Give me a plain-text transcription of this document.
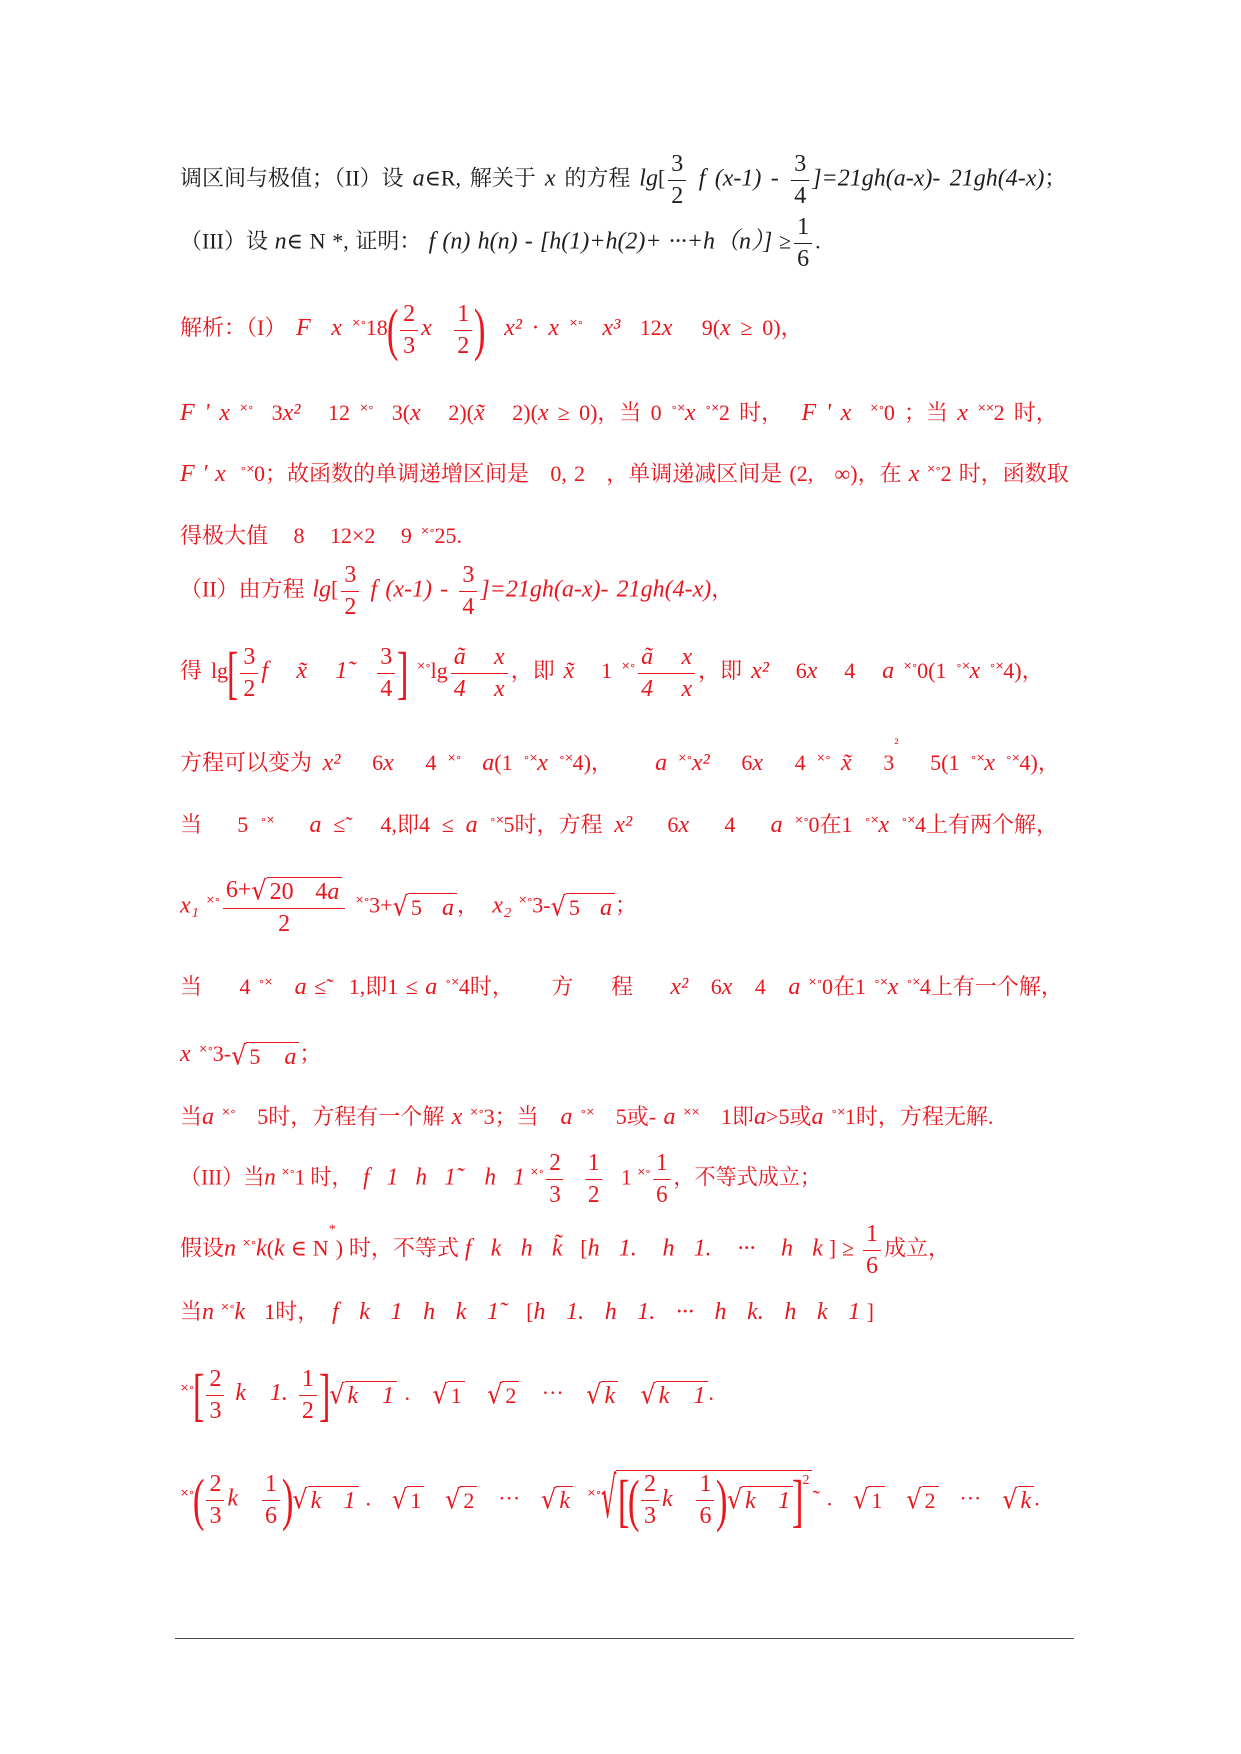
调区间与极值；（II）设 a∈R, 解关于 x 的方程 $\lg[ \frac{3}{2}$ f $(x-1) - \frac{3}{4} ]=21gh(a-x)-$ 21gh(4-x)；
（III）设 n∈ N *, 证明： f (n) $h(n) - [h(1)+h(2)+ \cdot\cdot\cdot+h(n)] \ge \frac{1}{6}$ .
解析：（I） F  x ×∘18( $\frac{2}{3}$ x $\frac{1}{2}$ ) x² · x ×∘ x³  12x   9(x ≥ 0)，
F ' x ×∘  3x²   12 ×∘  3(x   2)(x̃   2)(x ≥ 0)，当 0 ∘×x ∘×2 时，  F ' x ×∘0 ；当 x ××2 时，
F ' x ∘×0；故函数的单调递增区间是   0, 2   ，单调递减区间是 (2,   ∞)，在 x ×∘2 时，函数取
得极大值   8   12×2   9 ×∘25.
（II）由方程 $\lg[ \frac{3}{2}$ f $(x-1) - \frac{3}{4} ]=21gh(a-x)-$ 21gh(4-x)，
得 $\lg[ \frac{3}{2}$ f   x̃   1̃ $\frac{3}{4}$ ] ×∘lg $\frac{\text{ã   x}}{4 x}$ ，即 x̃   1 ×∘ $\frac{\text{ã   x}}{4 x}$ ，即 x²   6x   4   a ×∘0(1 ∘×x ∘×4)，
方程可以变为 x²   6x   4 ×∘ a(1 ∘×x ∘×4)，    a ×∘x²   6x   4 ×∘ x̃   $3^{^2}$   5(1 ∘×x ∘×4)，
当   5 ∘× a ≤̃   4,即4 ≤ a ∘×5时，方程 x²   6x   4   a ×∘0在1 ∘×x ∘×4上有两个解，
x₁ ×∘ $\frac{6+√ 20 4a}{2}$ ×∘3+√ 5   a ，  x₂ ×∘3-√ 5   a ；
当     4 ∘× a ≤̃   1,即1 ≤ a ∘×4时，     方     程     x²   6x   4   a ×∘0在1 ∘×x ∘×4上有一个解，
x ×∘3-√ 5   a ；
当a ×∘   5时，方程有一个解 x ×∘3；当   a ∘×   5或- a ××   1即a>5或a ∘×1时，方程无解.
（III）当n ×∘1 时，  f   1   h   1̃     h   1 ×∘ $\frac{2}{3}$
$\frac{1}{2} 1$ ×∘ $\frac{1}{6}$ ，不等式成立；
假设n ×∘k(k ∈ N*) 时，不等式 f   k   h   k̃   [h   1.    h   1.    ···    h   k ] ≥ $\frac{1}{6}$ 成立，
当n ×∘k   1时，  f   k   1   h   k   1˜   [h   1.   h   1.   ···   h   k.   h   k   1 ]
×∘[ $\frac{2}{3}$ k   1. $\frac{1}{2}$ ]√ k   1 .   √ 1 √ 2   ···   √ k √ k   1 .
×∘( $\frac{2}{3}$ k $\frac{1}{6}$ )√ k   1 .   √ 1 √ 2   ···   √ k ×∘√[( $\frac{2}{3}$ k $\frac{1}{6}$ )√ k   1]$^2$˜ .   √ 1 √ 2   ···   √ k .
